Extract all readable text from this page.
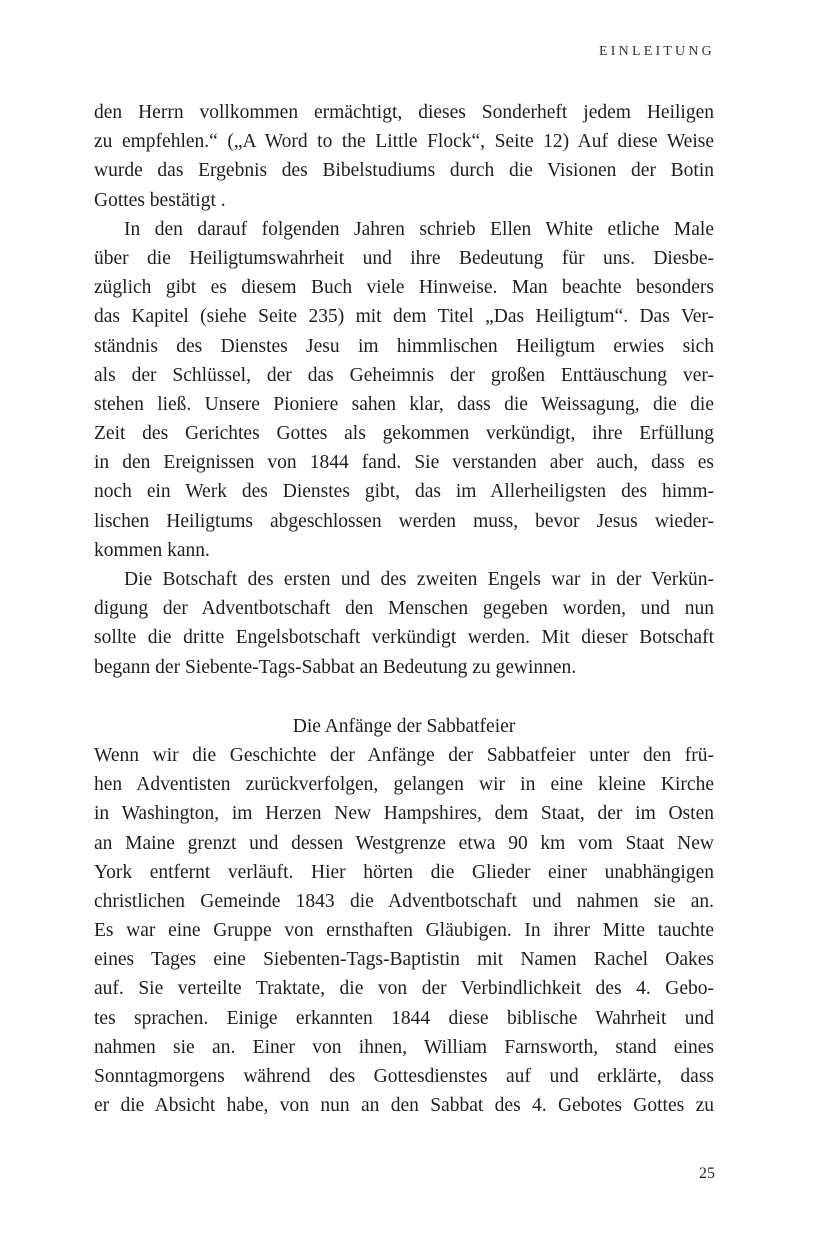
EINLEITUNG
den Herrn vollkommen ermächtigt, dieses Sonderheft jedem Heiligen
zu empfehlen.“ („A Word to the Little Flock“, Seite 12) Auf diese Weise
wurde das Ergebnis des Bibelstudiums durch die Visionen der Botin
Gottes bestätigt .
In den darauf folgenden Jahren schrieb Ellen White etliche Male
über die Heiligtumswahrheit und ihre Bedeutung für uns. Diesbe-
züglich gibt es diesem Buch viele Hinweise. Man beachte besonders
das Kapitel (siehe Seite 235) mit dem Titel „Das Heiligtum“. Das Ver-
ständnis des Dienstes Jesu im himmlischen Heiligtum erwies sich
als der Schlüssel, der das Geheimnis der großen Enttäuschung ver-
stehen ließ. Unsere Pioniere sahen klar, dass die Weissagung, die die
Zeit des Gerichtes Gottes als gekommen verkündigt, ihre Erfüllung
in den Ereignissen von 1844 fand. Sie verstanden aber auch, dass es
noch ein Werk des Dienstes gibt, das im Allerheiligsten des himm-
lischen Heiligtums abgeschlossen werden muss, bevor Jesus wieder-
kommen kann.
Die Botschaft des ersten und des zweiten Engels war in der Verkün-
digung der Adventbotschaft den Menschen gegeben worden, und nun
sollte die dritte Engelsbotschaft verkündigt werden. Mit dieser Botschaft
begann der Siebente-Tags-Sabbat an Bedeutung zu gewinnen.
Die Anfänge der Sabbatfeier
Wenn wir die Geschichte der Anfänge der Sabbatfeier unter den frü-
hen Adventisten zurückverfolgen, gelangen wir in eine kleine Kirche
in Washington, im Herzen New Hampshires, dem Staat, der im Osten
an Maine grenzt und dessen Westgrenze etwa 90 km vom Staat New
York entfernt verläuft. Hier hörten die Glieder einer unabhängigen
christlichen Gemeinde 1843 die Adventbotschaft und nahmen sie an.
Es war eine Gruppe von ernsthaften Gläubigen. In ihrer Mitte tauchte
eines Tages eine Siebenten-Tags-Baptistin mit Namen Rachel Oakes
auf. Sie verteilte Traktate, die von der Verbindlichkeit des 4. Gebo-
tes sprachen. Einige erkannten 1844 diese biblische Wahrheit und
nahmen sie an. Einer von ihnen, William Farnsworth, stand eines
Sonntagmorgens während des Gottesdienstes auf und erklärte, dass
er die Absicht habe, von nun an den Sabbat des 4. Gebotes Gottes zu
25
